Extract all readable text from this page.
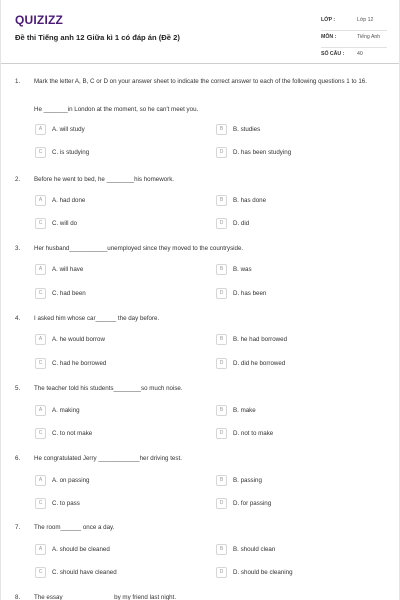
QUIZIZZ
Đề thi Tiếng anh 12 Giữa kì 1 có đáp án (Đề 2)
LỚP :	Lớp 12
MÔN :	Tiếng Anh
SỐ CÂU : 40
1. Mark the letter A, B, C or D on your answer sheet to indicate the correct answer to each of the following questions 1 to 16.
He _______in London at the moment, so he can't meet you.
A	A. will study	B	B. studies
C	C. is studying	D	D. has been studying
2. Before he went to bed, he ________his homework.
A	A. had done	B	B. has done
C	C. will do	D	D. did
3. Her husband___________unemployed since they moved to the countryside.
A	A. will have	B	B. was
C	C. had been	D	D. has been
4. I asked him whose car______ the day before.
A	A. he would borrow	B	B. he had borrowed
C	C. had he borrowed	D	D. did he borrowed
5. The teacher told his students________so much noise.
A	A. making	B	B. make
C	C. to not make	D	D. not to make
6. He congratulated Jerry ____________her driving test.
A	A. on passing	B	B. passing
C	C. to pass	D	D. for passing
7. The room______ once a day.
A	A. should be cleaned	B	B. should clean
C	C. should have cleaned	D	D. should be cleaning
8. The essay_______________by my friend last night.
